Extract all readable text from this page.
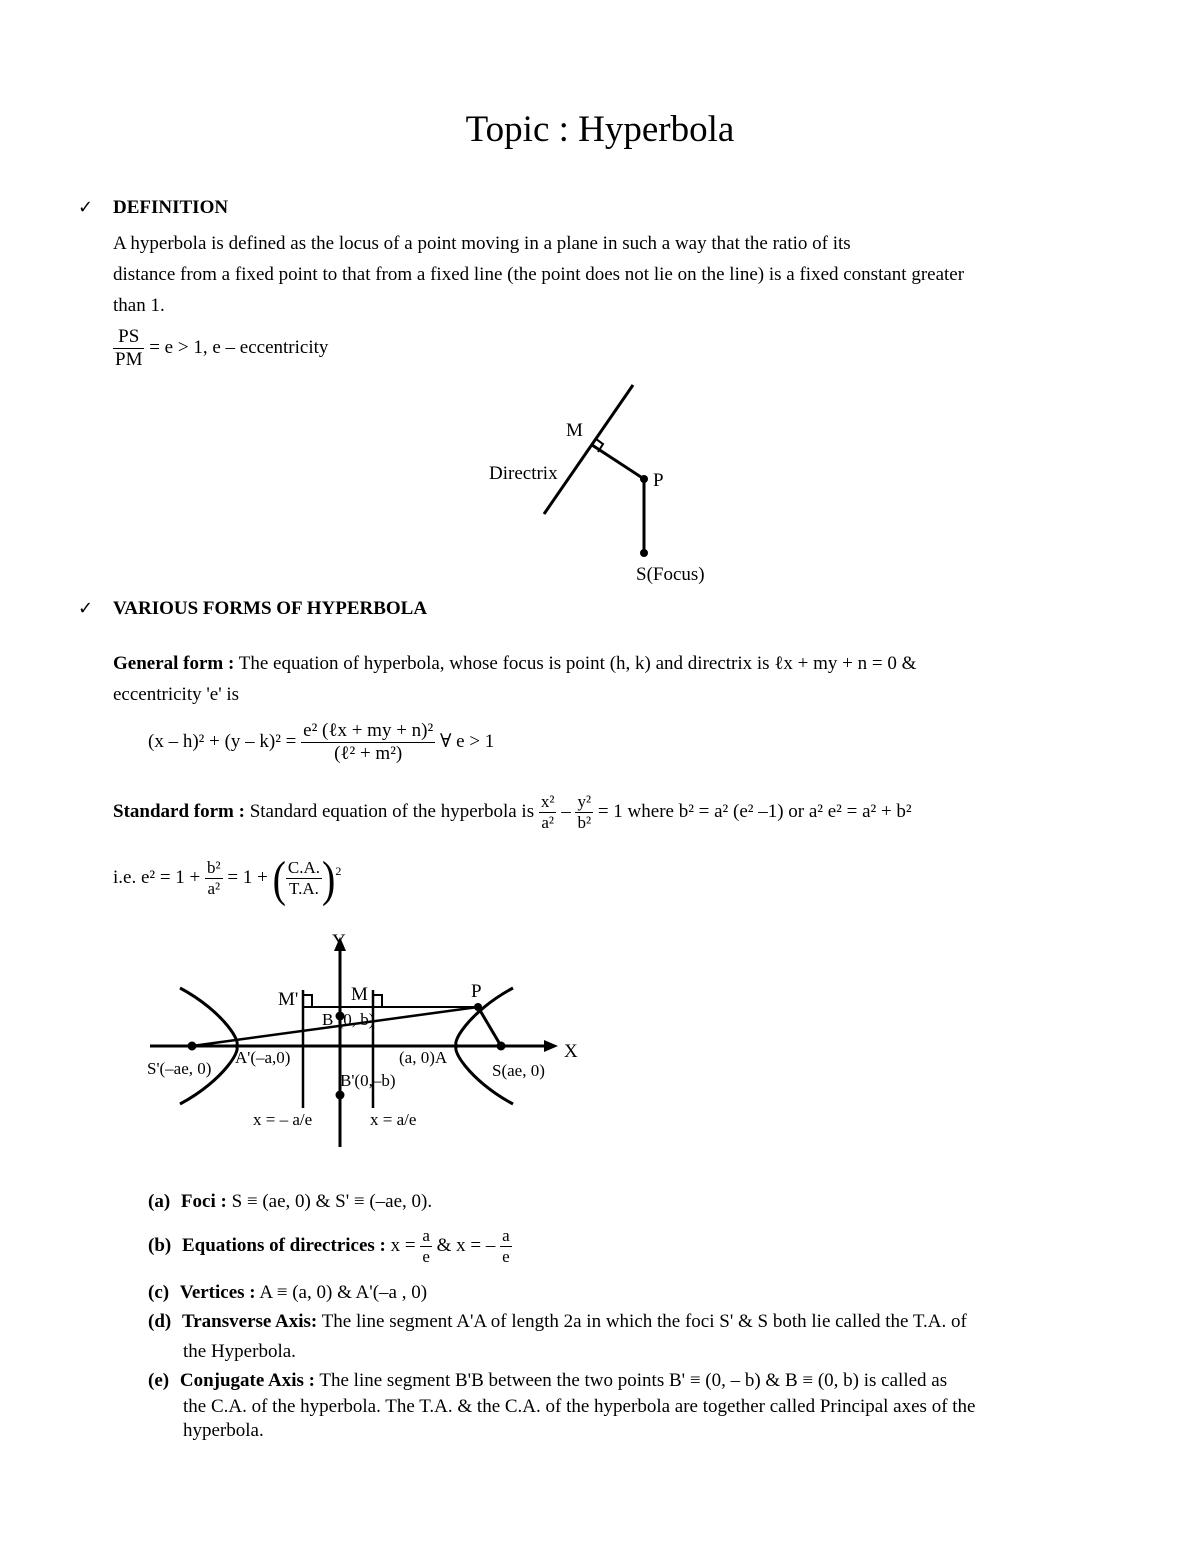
Topic : Hyperbola
✓ DEFINITION
A hyperbola is defined as the locus of a point moving in a plane in such a way that the ratio of its
distance from a fixed point to that from a fixed line (the point does not lie on the line) is a fixed constant greater
than 1.
$\frac{PS}{PM} = e > 1$, e – eccentricity
M
P
Directrix
S(Focus)
✓ VARIOUS FORMS OF HYPERBOLA
General form : The equation of hyperbola, whose focus is point (h, k) and directrix is ℓx + my + n = 0 &
eccentricity 'e' is
$(x - h)^2 + (y - k)^2 = \frac{\text{e² (ℓx + my + n)²}}{\text{(ℓ² + m²)}}$ ∀ e > 1
Standard form : Standard equation of the hyperbola is $\frac{\text{x²}}{\text{a²}} - \frac{\text{y²}}{\text{b²}} = 1$ where b² = a² (e² –1) or a² e² = a² + b²
i.e. $e^2 = 1 + \frac{\text{b²}}{\text{a²}} = 1$ + ( $\frac{C.A.}{T.A.} )^2$
Y
X
M'	M	P
B (0, b)
S'(–ae, 0)
A'(–a,0)	(a, 0)A
S(ae, 0)
B'(0,–b)
x = – a/e	x = a/e
(a) Foci : S ≡ (ae, 0) & S' ≡ (–ae, 0).
(b) Equations of directrices : $x = \frac{a}{e}$ & x = – $\frac{a}{e}$
(c) Vertices : A ≡ (a, 0) & A'(–a , 0)
(d) Transverse Axis: The line segment A'A of length 2a in which the foci S' & S both lie called the T.A. of
the Hyperbola.
(e) Conjugate Axis : The line segment B'B between the two points B' ≡ (0, – b) & B ≡ (0, b) is called as
the C.A. of the hyperbola. The T.A. & the C.A. of the hyperbola are together called Principal axes of the
hyperbola.
